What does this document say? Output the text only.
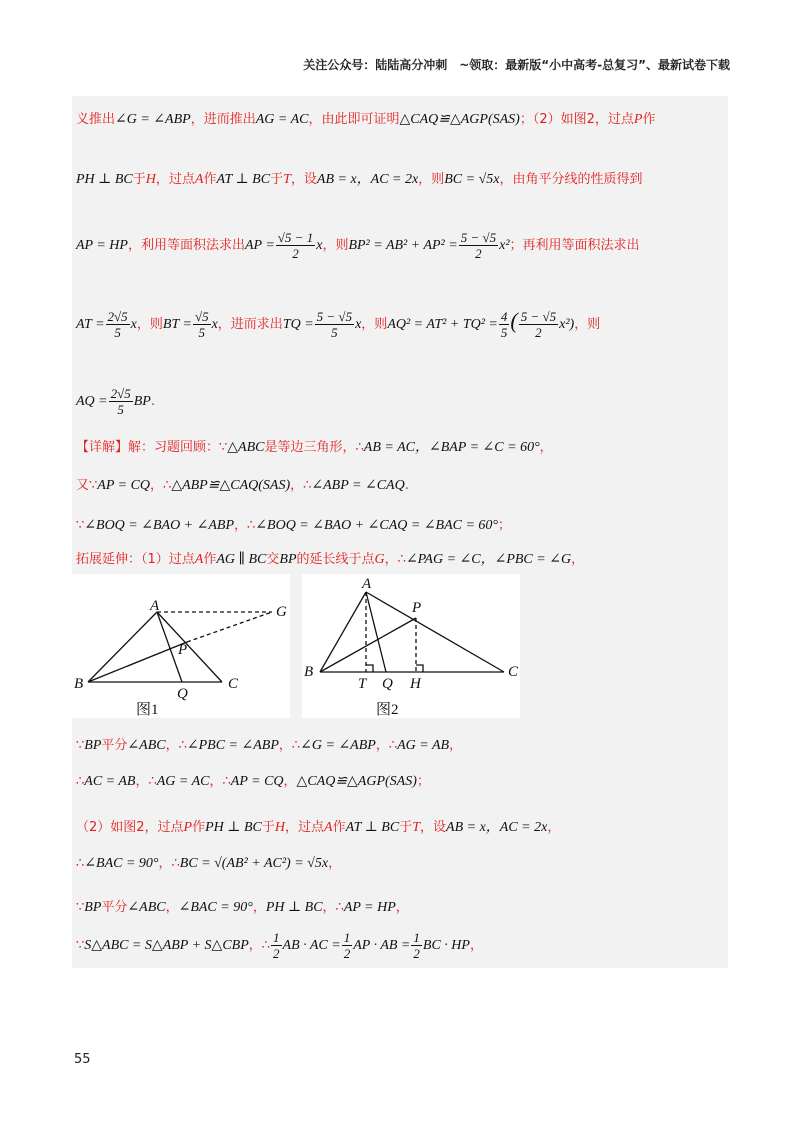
关注公众号：陆陆高分冲刺　~领取：最新版“小中高考-总复习”、最新试卷下载
义推出∠G = ∠ABP，进而推出AG = AC，由此即可证明△CAQ≌△AGP(SAS)；（2）如图2，过点P作
PH ⊥ BC于H，过点A作AT ⊥ BC于T，设AB = x，AC = 2x，则BC = √5x，由角平分线的性质得到
AP = HP，利用等面积法求出AP = $\frac{√5 - 1}{2}$ x，则$BP^2 = AB^2 + AP^2 = \frac{5 - √5}{2} x^2$；再利用等面积法求出
AT = $\frac{2√5}{5}$ x，则BT = $\frac{√5}{5}$ x，进而求出TQ = $\frac{5 - √5}{5}$ x，则$AQ^2 = AT^2 + TQ^2 = \frac{4}{5}$ ( $\frac{5 - √5}{2} x^2$)，则
AQ = $\frac{2√5}{5}$ BP.
【详解】解：习题回顾：∵△ABC是等边三角形，∴AB = AC，∠BAP = ∠C = 60°，
又∵AP = CQ，∴△ABP≌△CAQ(SAS)，∴∠ABP = ∠CAQ.
∵∠BOQ = ∠BAO + ∠ABP，∴∠BOQ = ∠BAO + ∠CAQ = ∠BAC = 60°；
拓展延伸：（1）过点A作AG ∥ BC交BP的延长线于点G，∴∠PAG = ∠C，∠PBC = ∠G，
A	G
P
B
Q
C
图1
A
P
B
T Q H
C
图2
∵BP平分∠ABC，∴∠PBC = ∠ABP，∴∠G = ∠ABP，∴AG = AB，
∴AC = AB，∴AG = AC，∴AP = CQ，△CAQ≌△AGP(SAS)；
（2）如图2，过点P作PH ⊥ BC于H，过点A作AT ⊥ BC于T，设AB = x，AC = 2x，
∴∠BAC = 90°，∴BC = √(AB² + AC²) = √5x，
∵BP平分∠ABC，∠BAC = 90°，PH ⊥ BC，∴AP = HP，
∵S△ABC = S△ABP + S△CBP，∴ $\frac{1}{2}$ AB · AC = $\frac{1}{2}$ AP · AB = $\frac{1}{2}$ BC · HP，
55
